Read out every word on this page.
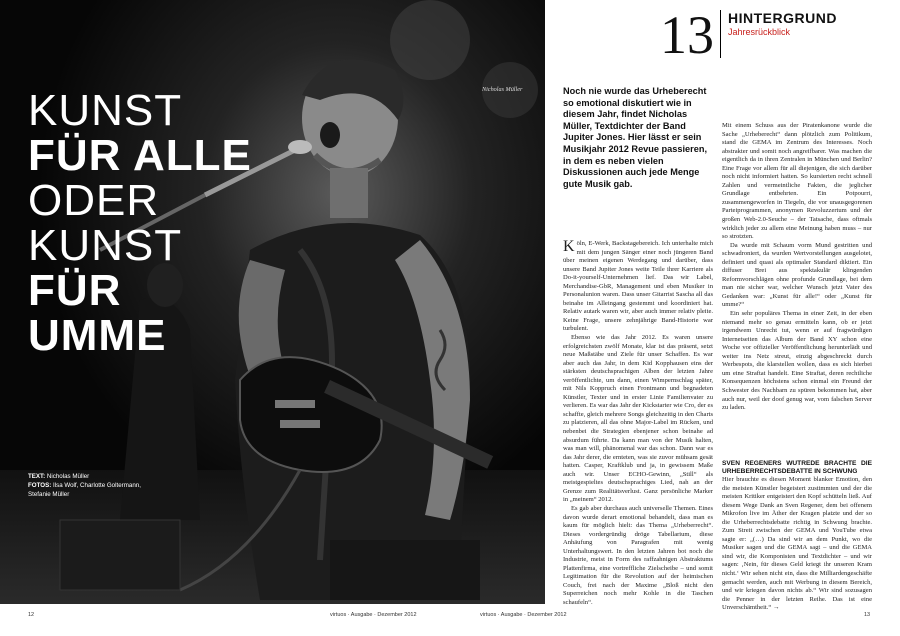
KUNST
FÜR ALLE
ODER
KUNST
FÜR
UMME
TEXT: Nicholas Müller
FOTOS: Ilsa Wolf, Charlotte Goltermann, Stefanie Müller
Nicholas Müller
13 HINTERGRUND
Jahresrückblick
Noch nie wurde das Urheberecht so emotional diskutiert wie in diesem Jahr, findet Nicholas Müller, Textdichter der Band Jupiter Jones. Hier lässt er sein Musikjahr 2012 Revue passieren, in dem es neben vielen Diskussionen auch jede Menge gute Musik gab.

Köln, E-Werk, Backstagebereich. Ich unterhalte mich mit dem jungen Sänger einer noch jüngeren Band über meinen eigenen Werdegang und darüber, dass unsere Band Jupiter Jones weite Teile ihrer Karriere als Do-it-yourself-Unternehmen lief. Das wir Label, Merchandise-GbR, Management und eben Musiker in Personalunion waren. Dass unser Gitarrist Sascha all das beinahe im Alleingang gestemmt und koordiniert hat. Relativ autark waren wir, aber auch immer relativ pleite. Keine Frage, unsere zehnjährige Band-Historie war turbulent.

Ebenso wie das Jahr 2012. Es waren unsere erfolgreichsten zwölf Monate, klar ist das präsent, setzt neue Maßstäbe und Ziele für unser Schaffen. Es war aber auch das Jahr, in dem Kid Kopphausen eins der stärksten deutschsprachigen Alben der letzten Jahre veröffentlichte, um dann, einen Wimpernschlag später, mit Nils Koppruch einen Frontmann und begnadeten Künstler, Texter und in erster Linie Familienvater zu verlieren. Es war das Jahr der Kickstarter wie Cro, der es schaffte, gleich mehrere Songs gleichzeitig in den Charts zu platzieren, all das ohne Major-Label im Rücken, und nebenbei die Strategien ebenjener schon beinahe ad absurdum führte. Da kann man von der Musik halten, was man will, phänomenal war das schon. Dann war es das Jahr derer, die ernteten, was sie zuvor mühsam gesät hatten. Casper, Kraftklub und ja, in gewissem Maße auch wir. Unser ECHO-Gewinn, „Still“ als meistgespieltes deutschsprachiges Lied, nah an der Grenze zum Realitätsverlust. Ganz persönliche Marker in „meinem“ 2012.

Es gab aber durchaus auch universelle Themen. Eines davon wurde derart emotional behandelt, dass man es kaum für möglich hielt: das Thema „Urheberrecht“. Dieses vordergründig dröge Tabellarium, diese Anhäufung von Paragrafen mit wenig Unterhaltungswert. In den letzten Jahren bot noch die Industrie, meist in Form des raffzahnigen Abstraktums Plattenfirma, eine vortreffliche Zielscheibe – und somit Legitimation für die Revolution auf der heimischen Couch, frei nach der Maxime „Bloß nicht den Superreichen noch mehr Kohle in die Taschen schaufeln“.

Mit einem Schuss aus der Piratenkanone wurde die Sache „Urheberecht“ dann plötzlich zum Politikum, stand die GEMA im Zentrum des Interesses. Noch abstrakter und somit noch angreifbarer. Was machen die eigentlich da in ihren Zentralen in München und Berlin? Eine Frage vor allem für all diejenigen, die sich darüber noch nicht informiert hatten. So kursierten recht schnell Zahlen und vermeintliche Fakten, die jeglicher Grundlage entbehrten. Ein Potpourri, zusammengeworfen in Tiegeln, die vor unausgegorenen Parteiprogrammen, anonymen Revoluzzertum und der großen Web-2.0-Seuche – der Tatsache, dass oftmals wirklich jeder zu allem eine Meinung haben muss – nur so strotzten.

Da wurde mit Schaum vorm Mund gestritten und schwadroniert, da wurden Wertvorstellungen ausgelotet, definiert und quasi als optimaler Standard diktiert. Ein diffuser Brei aus spektakulär klingenden Reformvorschlägen ohne profunde Grundlage, bei dem man nie sicher war, welcher Wunsch jetzt Vater des Gedanken war: „Kunst für alle!“ oder „Kunst für umme?“

Ein sehr populäres Thema in einer Zeit, in der eben niemand mehr so genau ermitteln kann, ob er jetzt irgendwem Unrecht tut, wenn er auf fragwürdigen Internetseiten das Album der Band XY schon eine Woche vor offizieller Veröffentlichung herunterlädt und weiter ins Netz streut, einzig abgeschreckt durch Werbespots, die klarstellen wollen, dass es sich hierbei um eine Straftat handelt. Eine Straftat, deren rechtliche Konsequenzen höchstens schon einmal ein Freund der Schwester des Nachbarn zu spüren bekommen hat, aber auch nur, weil der doof genug war, vom falschen Server zu laden.

SVEN REGENERS WUTREDE BRACHTE DIE URHEBERRECHTSDEBATTE IN SCHWUNG

Hier brauchte es diesen Moment blanker Emotion, den die meisten Künstler begeistert zustimmten und der die meisten Kritiker entgeistert den Kopf schütteln ließ. Auf diesem Wege Dank an Sven Regener, dem bei offenem Mikrofon live im Äther der Kragen platzte und der so die Urheberrechtsdebatte richtig in Schwung brachte. Zum Streit zwischen der GEMA und YouTube etwa sagte er: „(…) Da sind wir an dem Punkt, wo die Musiker sagen und die GEMA sagt – und die GEMA sind wir, die Komponisten und Textdichter – und wir sagen: ‚Nein, für dieses Geld kriegt ihr unseren Kram nicht.‘ Wir sehen nicht ein, dass die Milliardengeschäfte gemacht werden, auch mit Werbung in diesem Bereich, und wir kriegen davon nichts ab.“ Wir sind sozusagen die Penner in der letzten Reihe. Das ist eine Unverschämtheit.“ →

12	virtuos · Ausgabe · Dezember 2012	virtuos · Ausgabe · Dezember 2012	13
